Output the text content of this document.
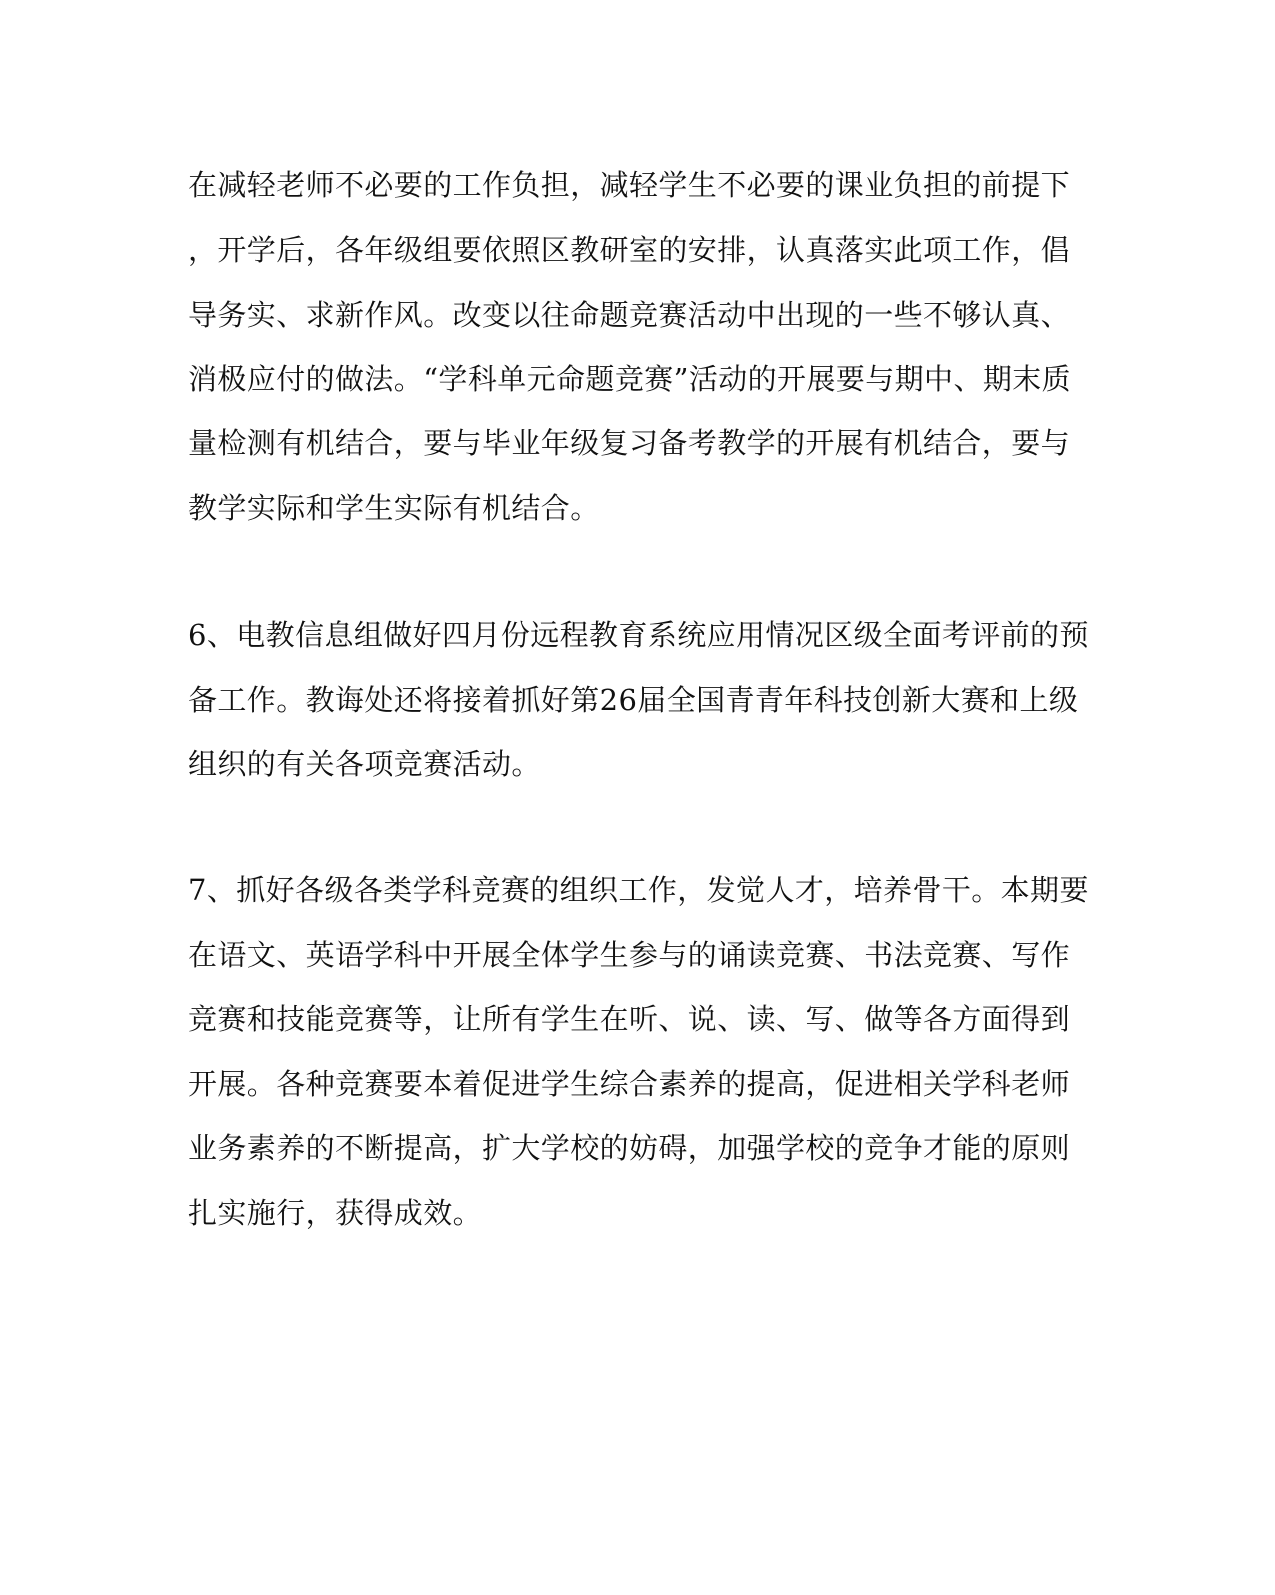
在减轻老师不必要的工作负担，减轻学生不必要的课业负担的前提下

，开学后，各年级组要依照区教研室的安排，认真落实此项工作，倡

导务实、求新作风。改变以往命题竞赛活动中出现的一些不够认真、

消极应付的做法。“学科单元命题竞赛”活动的开展要与期中、期末质

量检测有机结合，要与毕业年级复习备考教学的开展有机结合，要与

教学实际和学生实际有机结合。

6、电教信息组做好四月份远程教育系统应用情况区级全面考评前的预

备工作。教诲处还将接着抓好第26届全国青青年科技创新大赛和上级

组织的有关各项竞赛活动。

7、抓好各级各类学科竞赛的组织工作，发觉人才，培养骨干。本期要

在语文、英语学科中开展全体学生参与的诵读竞赛、书法竞赛、写作

竞赛和技能竞赛等，让所有学生在听、说、读、写、做等各方面得到

开展。各种竞赛要本着促进学生综合素养的提高，促进相关学科老师

业务素养的不断提高，扩大学校的妨碍，加强学校的竞争才能的原则

扎实施行，获得成效。
